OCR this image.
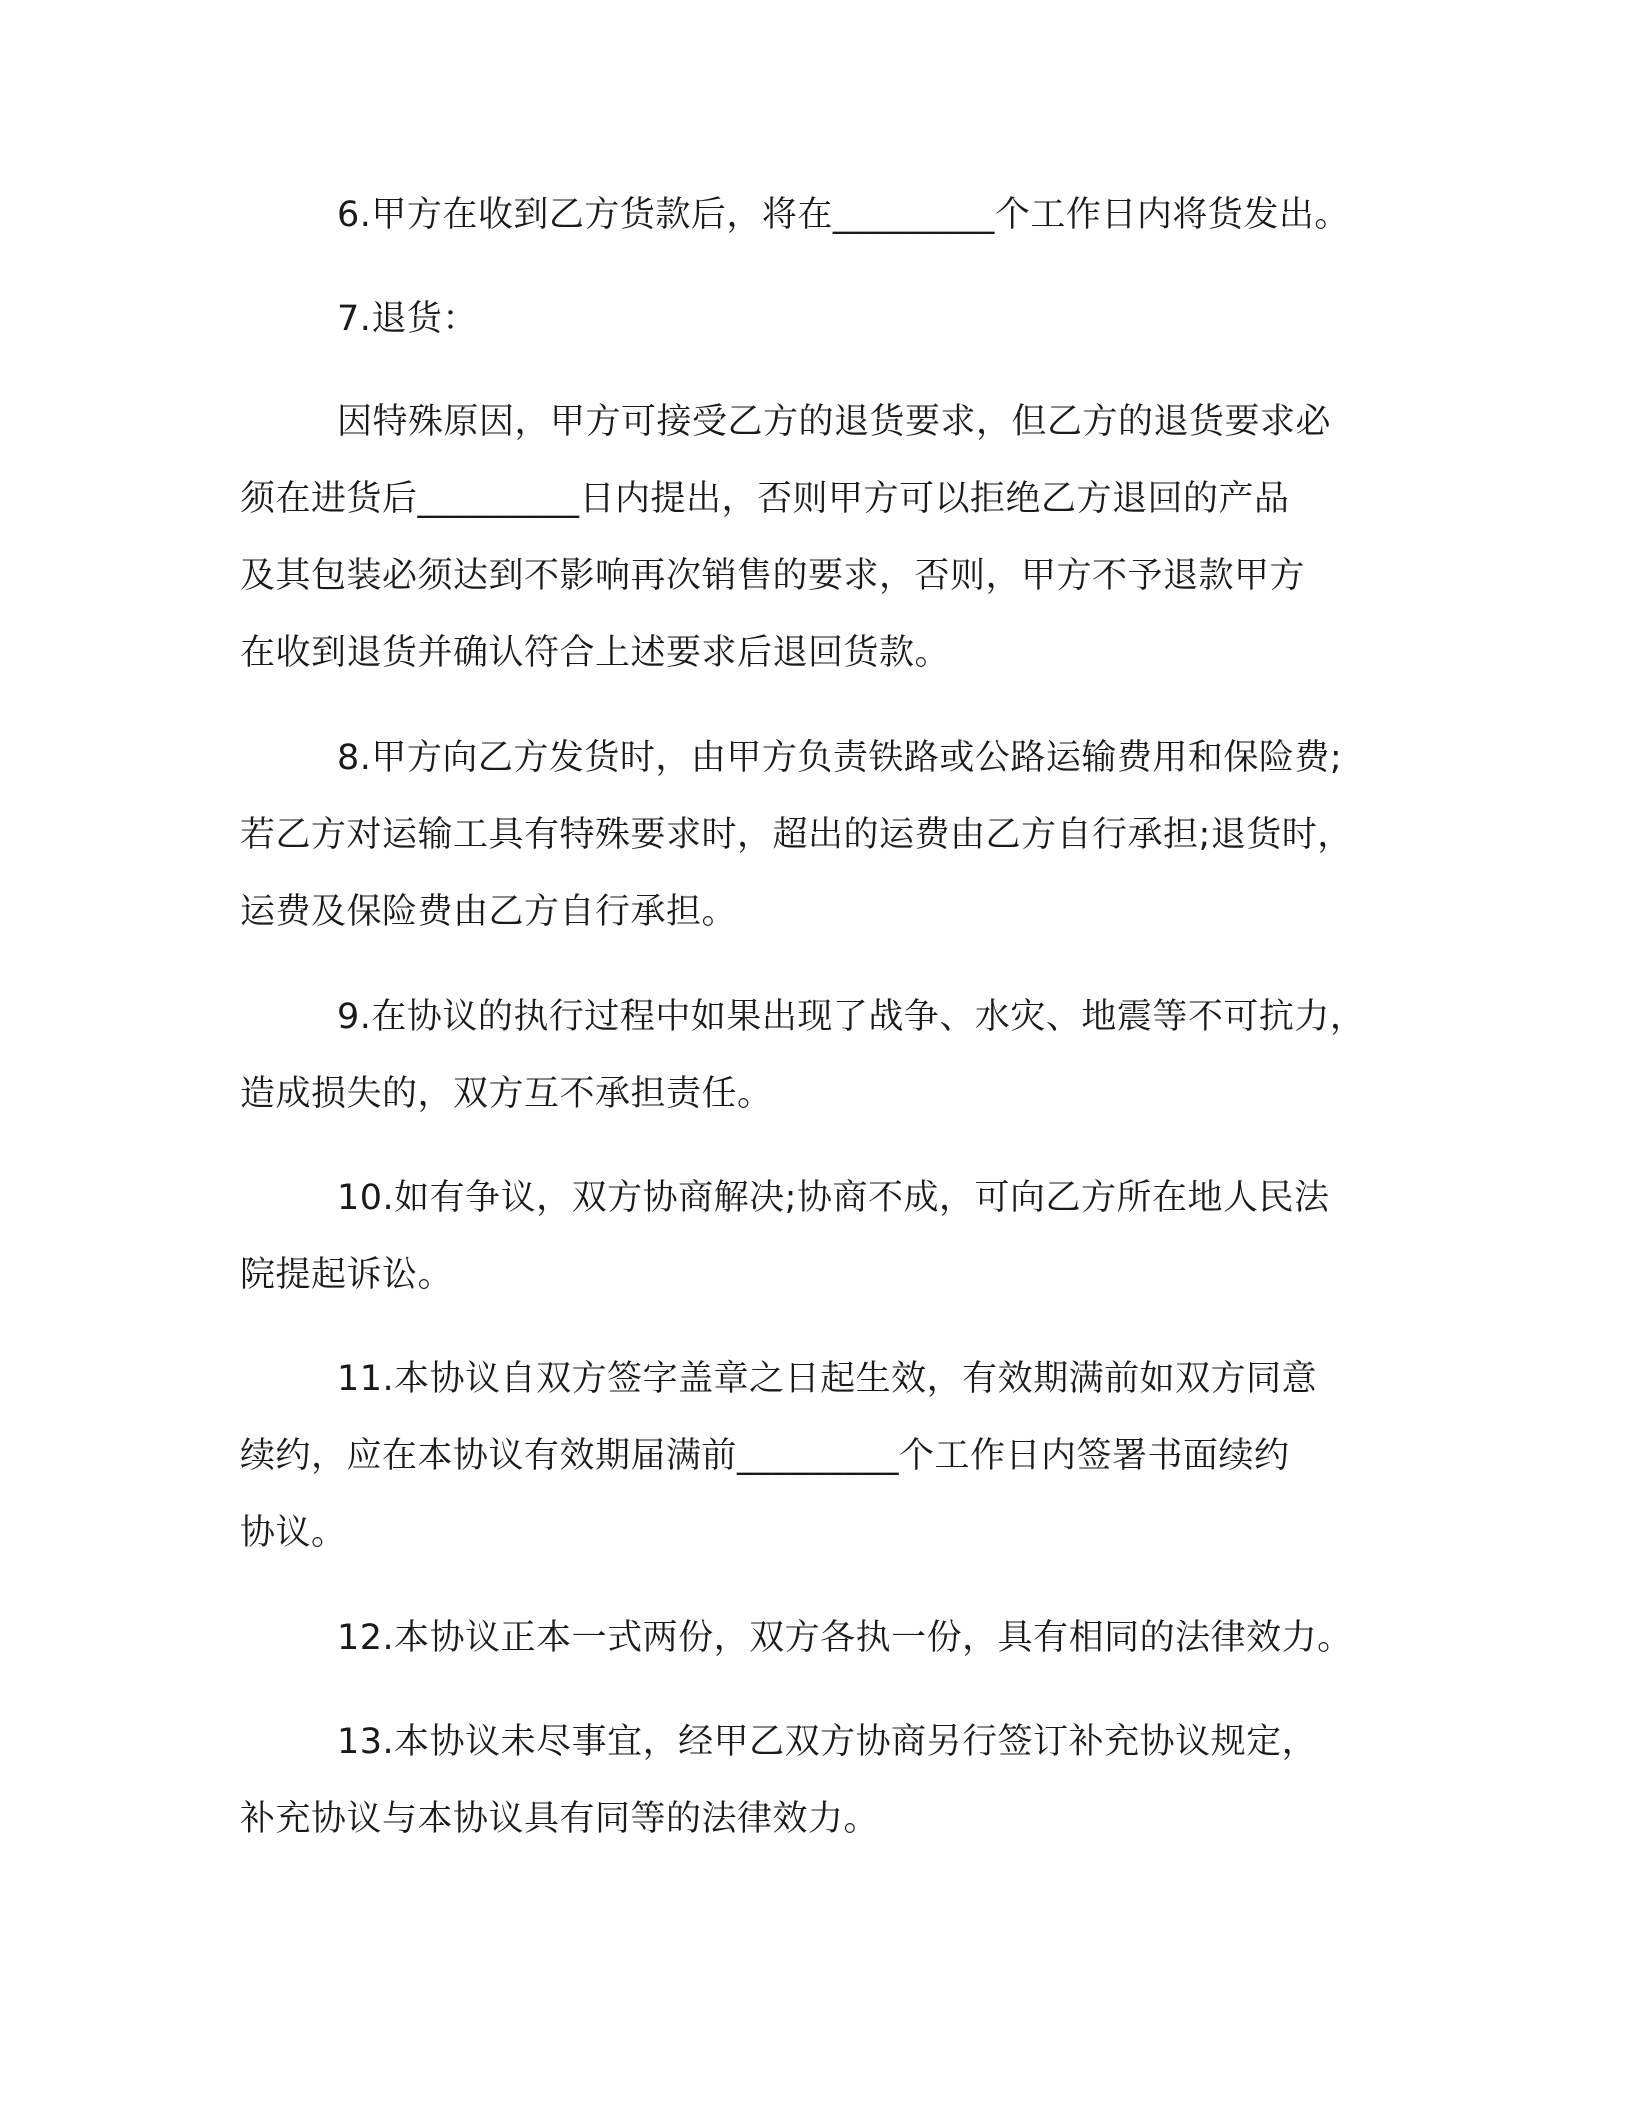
6.甲方在收到乙方货款后，将在_________个工作日内将货发出。

7.退货：

因特殊原因，甲方可接受乙方的退货要求，但乙方的退货要求必
须在进货后_________日内提出，否则甲方可以拒绝乙方退回的产品
及其包装必须达到不影响再次销售的要求，否则，甲方不予退款甲方
在收到退货并确认符合上述要求后退回货款。

8.甲方向乙方发货时，由甲方负责铁路或公路运输费用和保险费;
若乙方对运输工具有特殊要求时，超出的运费由乙方自行承担;退货时，
运费及保险费由乙方自行承担。

9.在协议的执行过程中如果出现了战争、水灾、地震等不可抗力，
造成损失的，双方互不承担责任。

10.如有争议，双方协商解决;协商不成，可向乙方所在地人民法
院提起诉讼。

11.本协议自双方签字盖章之日起生效，有效期满前如双方同意
续约，应在本协议有效期届满前_________个工作日内签署书面续约
协议。

12.本协议正本一式两份，双方各执一份，具有相同的法律效力。

13.本协议未尽事宜，经甲乙双方协商另行签订补充协议规定，
补充协议与本协议具有同等的法律效力。
